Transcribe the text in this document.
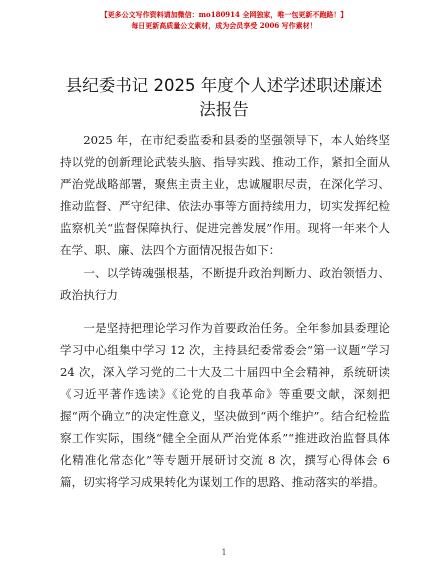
【更多公文写作资料请加微信：mo180914 全网独家，唯一包更新不跑路！】
每日更新高质量公文素材，成为会员享受 2006 写作素材！
县纪委书记 2025 年度个人述学述职述廉述法报告

2025 年，在市纪委监委和县委的坚强领导下，本人始终坚持以党的创新理论武装头脑、指导实践、推动工作，紧扣全面从严治党战略部署，聚焦主责主业，忠诚履职尽责，在深化学习、推动监督、严守纪律、依法办事等方面持续用力，切实发挥纪检监察机关“监督保障执行、促进完善发展”作用。现将一年来个人在学、职、廉、法四个方面情况报告如下：

一、以学铸魂强根基，不断提升政治判断力、政治领悟力、政治执行力

一是坚持把理论学习作为首要政治任务。全年参加县委理论学习中心组集中学习 12 次，主持县纪委常委会“第一议题”学习 24 次，深入学习党的二十大及二十届四中全会精神，系统研读《习近平著作选读》《论党的自我革命》等重要文献，深刻把握“两个确立”的决定性意义，坚决做到“两个维护”。结合纪检监察工作实际，围绕“健全全面从严治党体系”“推进政治监督具体化精准化常态化”等专题开展研讨交流 8 次，撰写心得体会 6 篇，切实将学习成果转化为谋划工作的思路、推动落实的举措。

1
